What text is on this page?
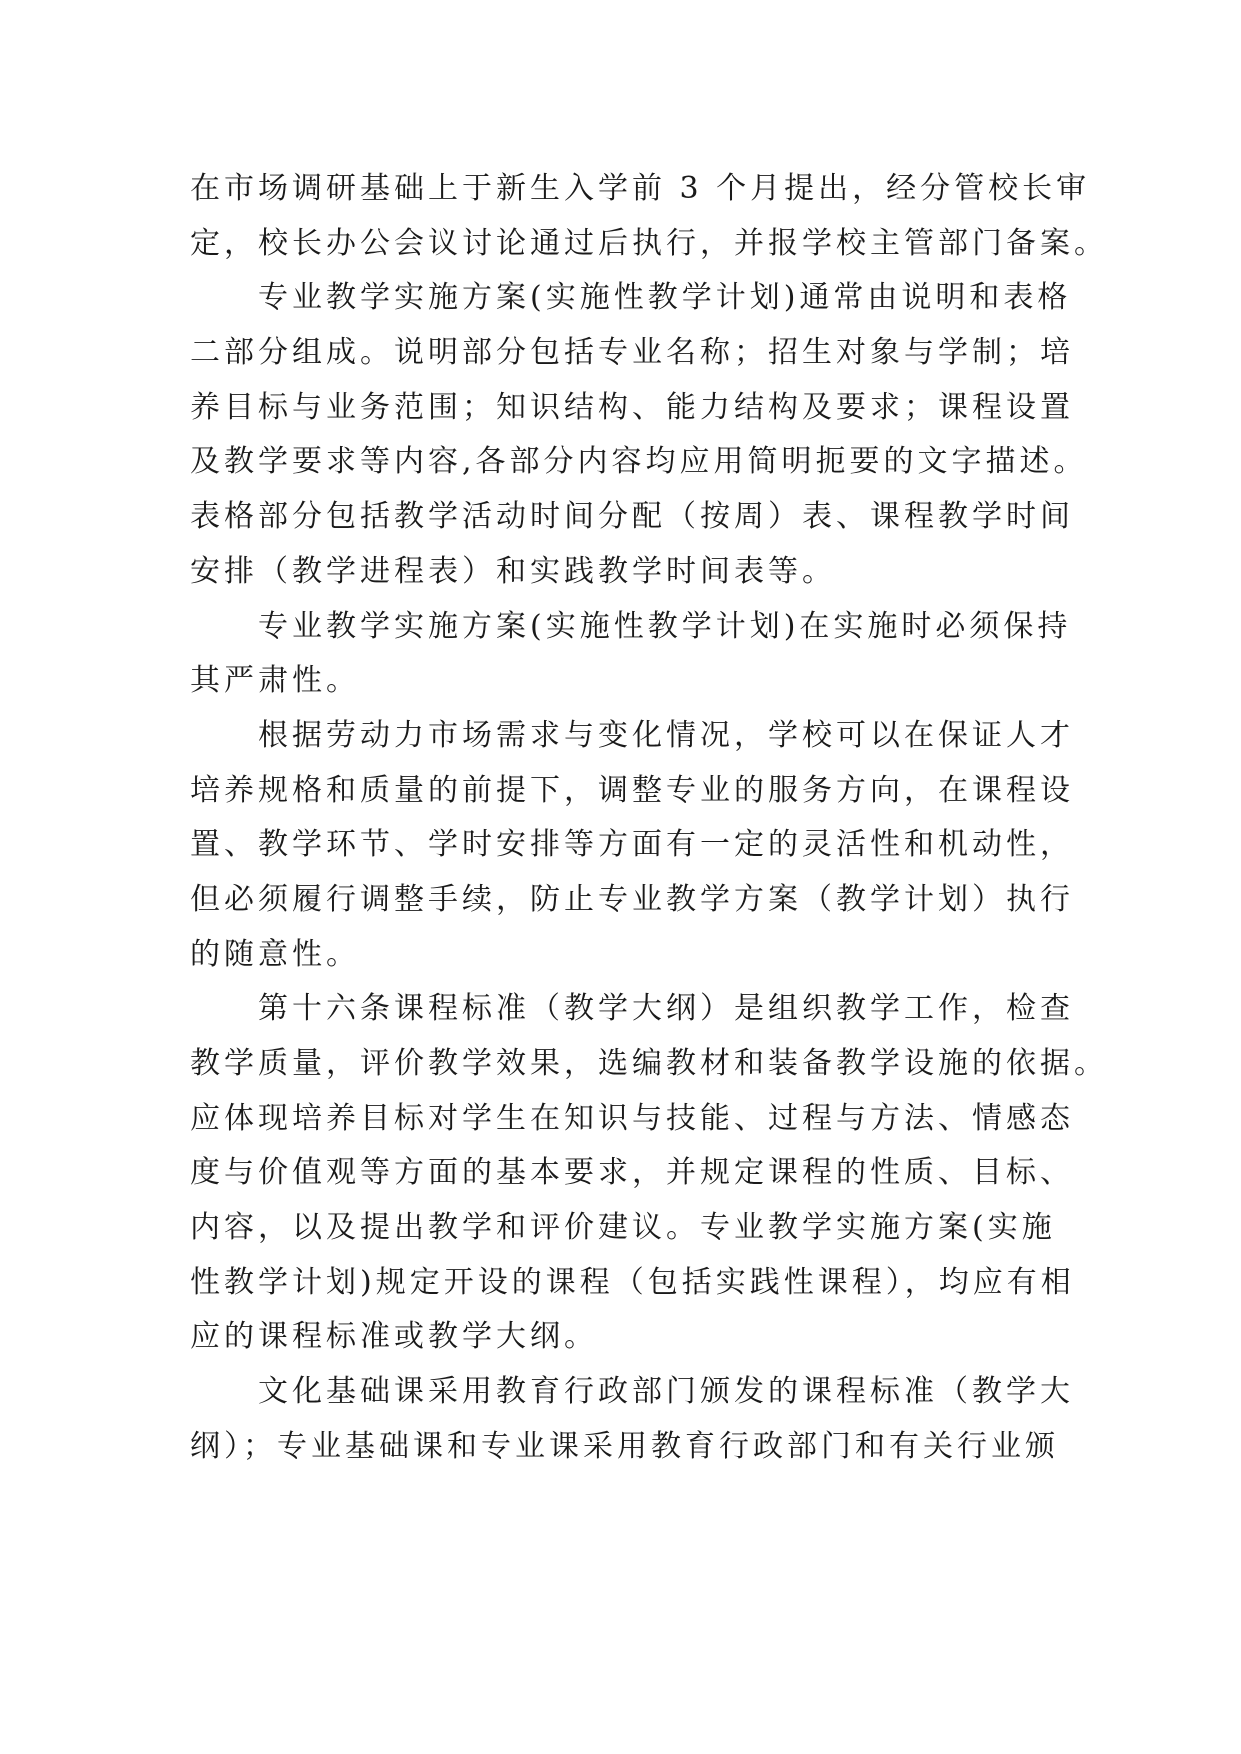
在市场调研基础上于新生入学前 3 个月提出，经分管校长审
定，校长办公会议讨论通过后执行，并报学校主管部门备案。
专业教学实施方案(实施性教学计划)通常由说明和表格
二部分组成。说明部分包括专业名称；招生对象与学制；培
养目标与业务范围；知识结构、能力结构及要求；课程设置
及教学要求等内容,各部分内容均应用简明扼要的文字描述。
表格部分包括教学活动时间分配（按周）表、课程教学时间
安排（教学进程表）和实践教学时间表等。
专业教学实施方案(实施性教学计划)在实施时必须保持
其严肃性。
根据劳动力市场需求与变化情况，学校可以在保证人才
培养规格和质量的前提下，调整专业的服务方向，在课程设
置、教学环节、学时安排等方面有一定的灵活性和机动性，
但必须履行调整手续，防止专业教学方案（教学计划）执行
的随意性。
第十六条课程标准（教学大纲）是组织教学工作，检查
教学质量，评价教学效果，选编教材和装备教学设施的依据。
应体现培养目标对学生在知识与技能、过程与方法、情感态
度与价值观等方面的基本要求，并规定课程的性质、目标、
内容，以及提出教学和评价建议。专业教学实施方案(实施
性教学计划)规定开设的课程（包括实践性课程），均应有相
应的课程标准或教学大纲。
文化基础课采用教育行政部门颁发的课程标准（教学大
纲）；专业基础课和专业课采用教育行政部门和有关行业颁
